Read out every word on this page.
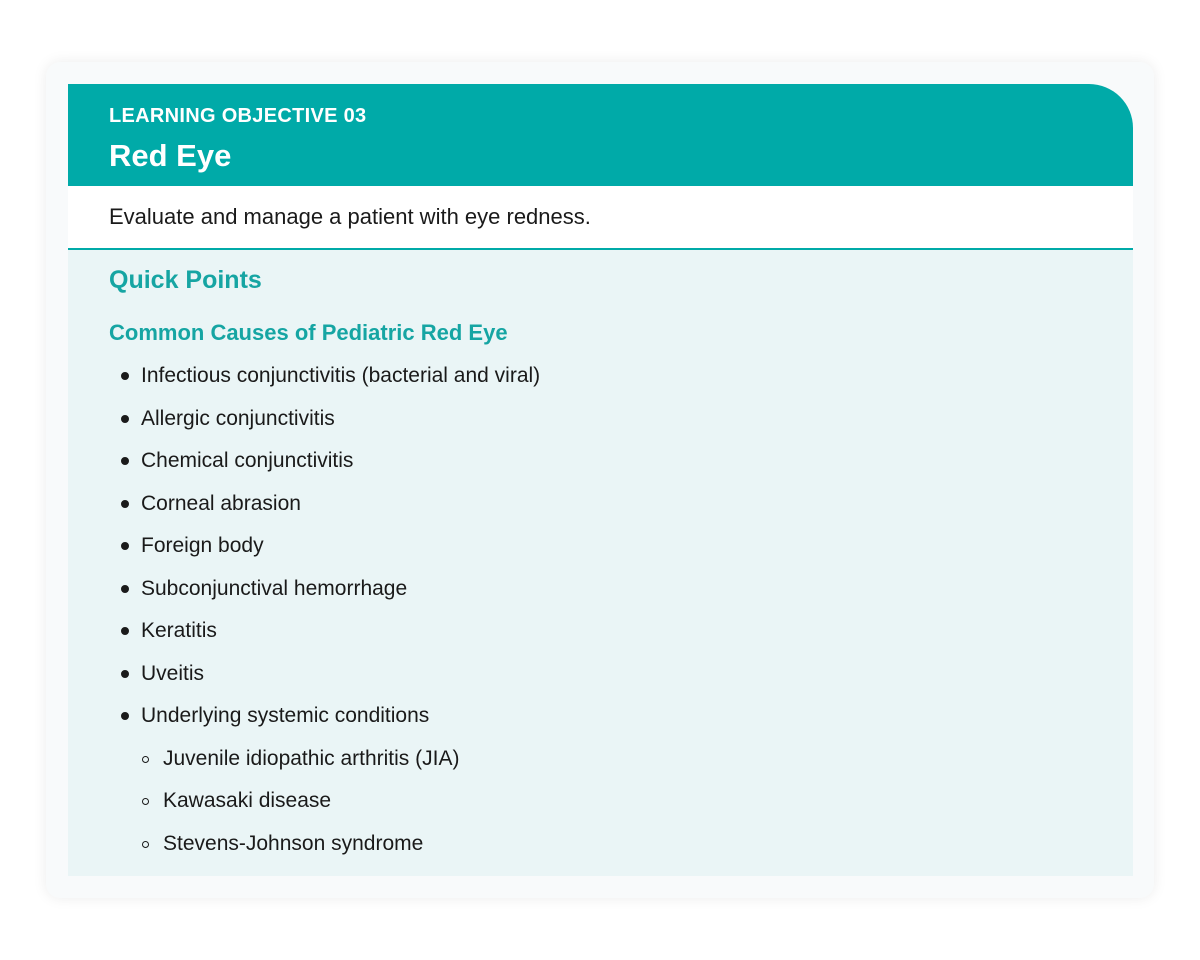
LEARNING OBJECTIVE 03
Red Eye
Evaluate and manage a patient with eye redness.
Quick Points
Common Causes of Pediatric Red Eye
Infectious conjunctivitis (bacterial and viral)
Allergic conjunctivitis
Chemical conjunctivitis
Corneal abrasion
Foreign body
Subconjunctival hemorrhage
Keratitis
Uveitis
Underlying systemic conditions
Juvenile idiopathic arthritis (JIA)
Kawasaki disease
Stevens-Johnson syndrome
